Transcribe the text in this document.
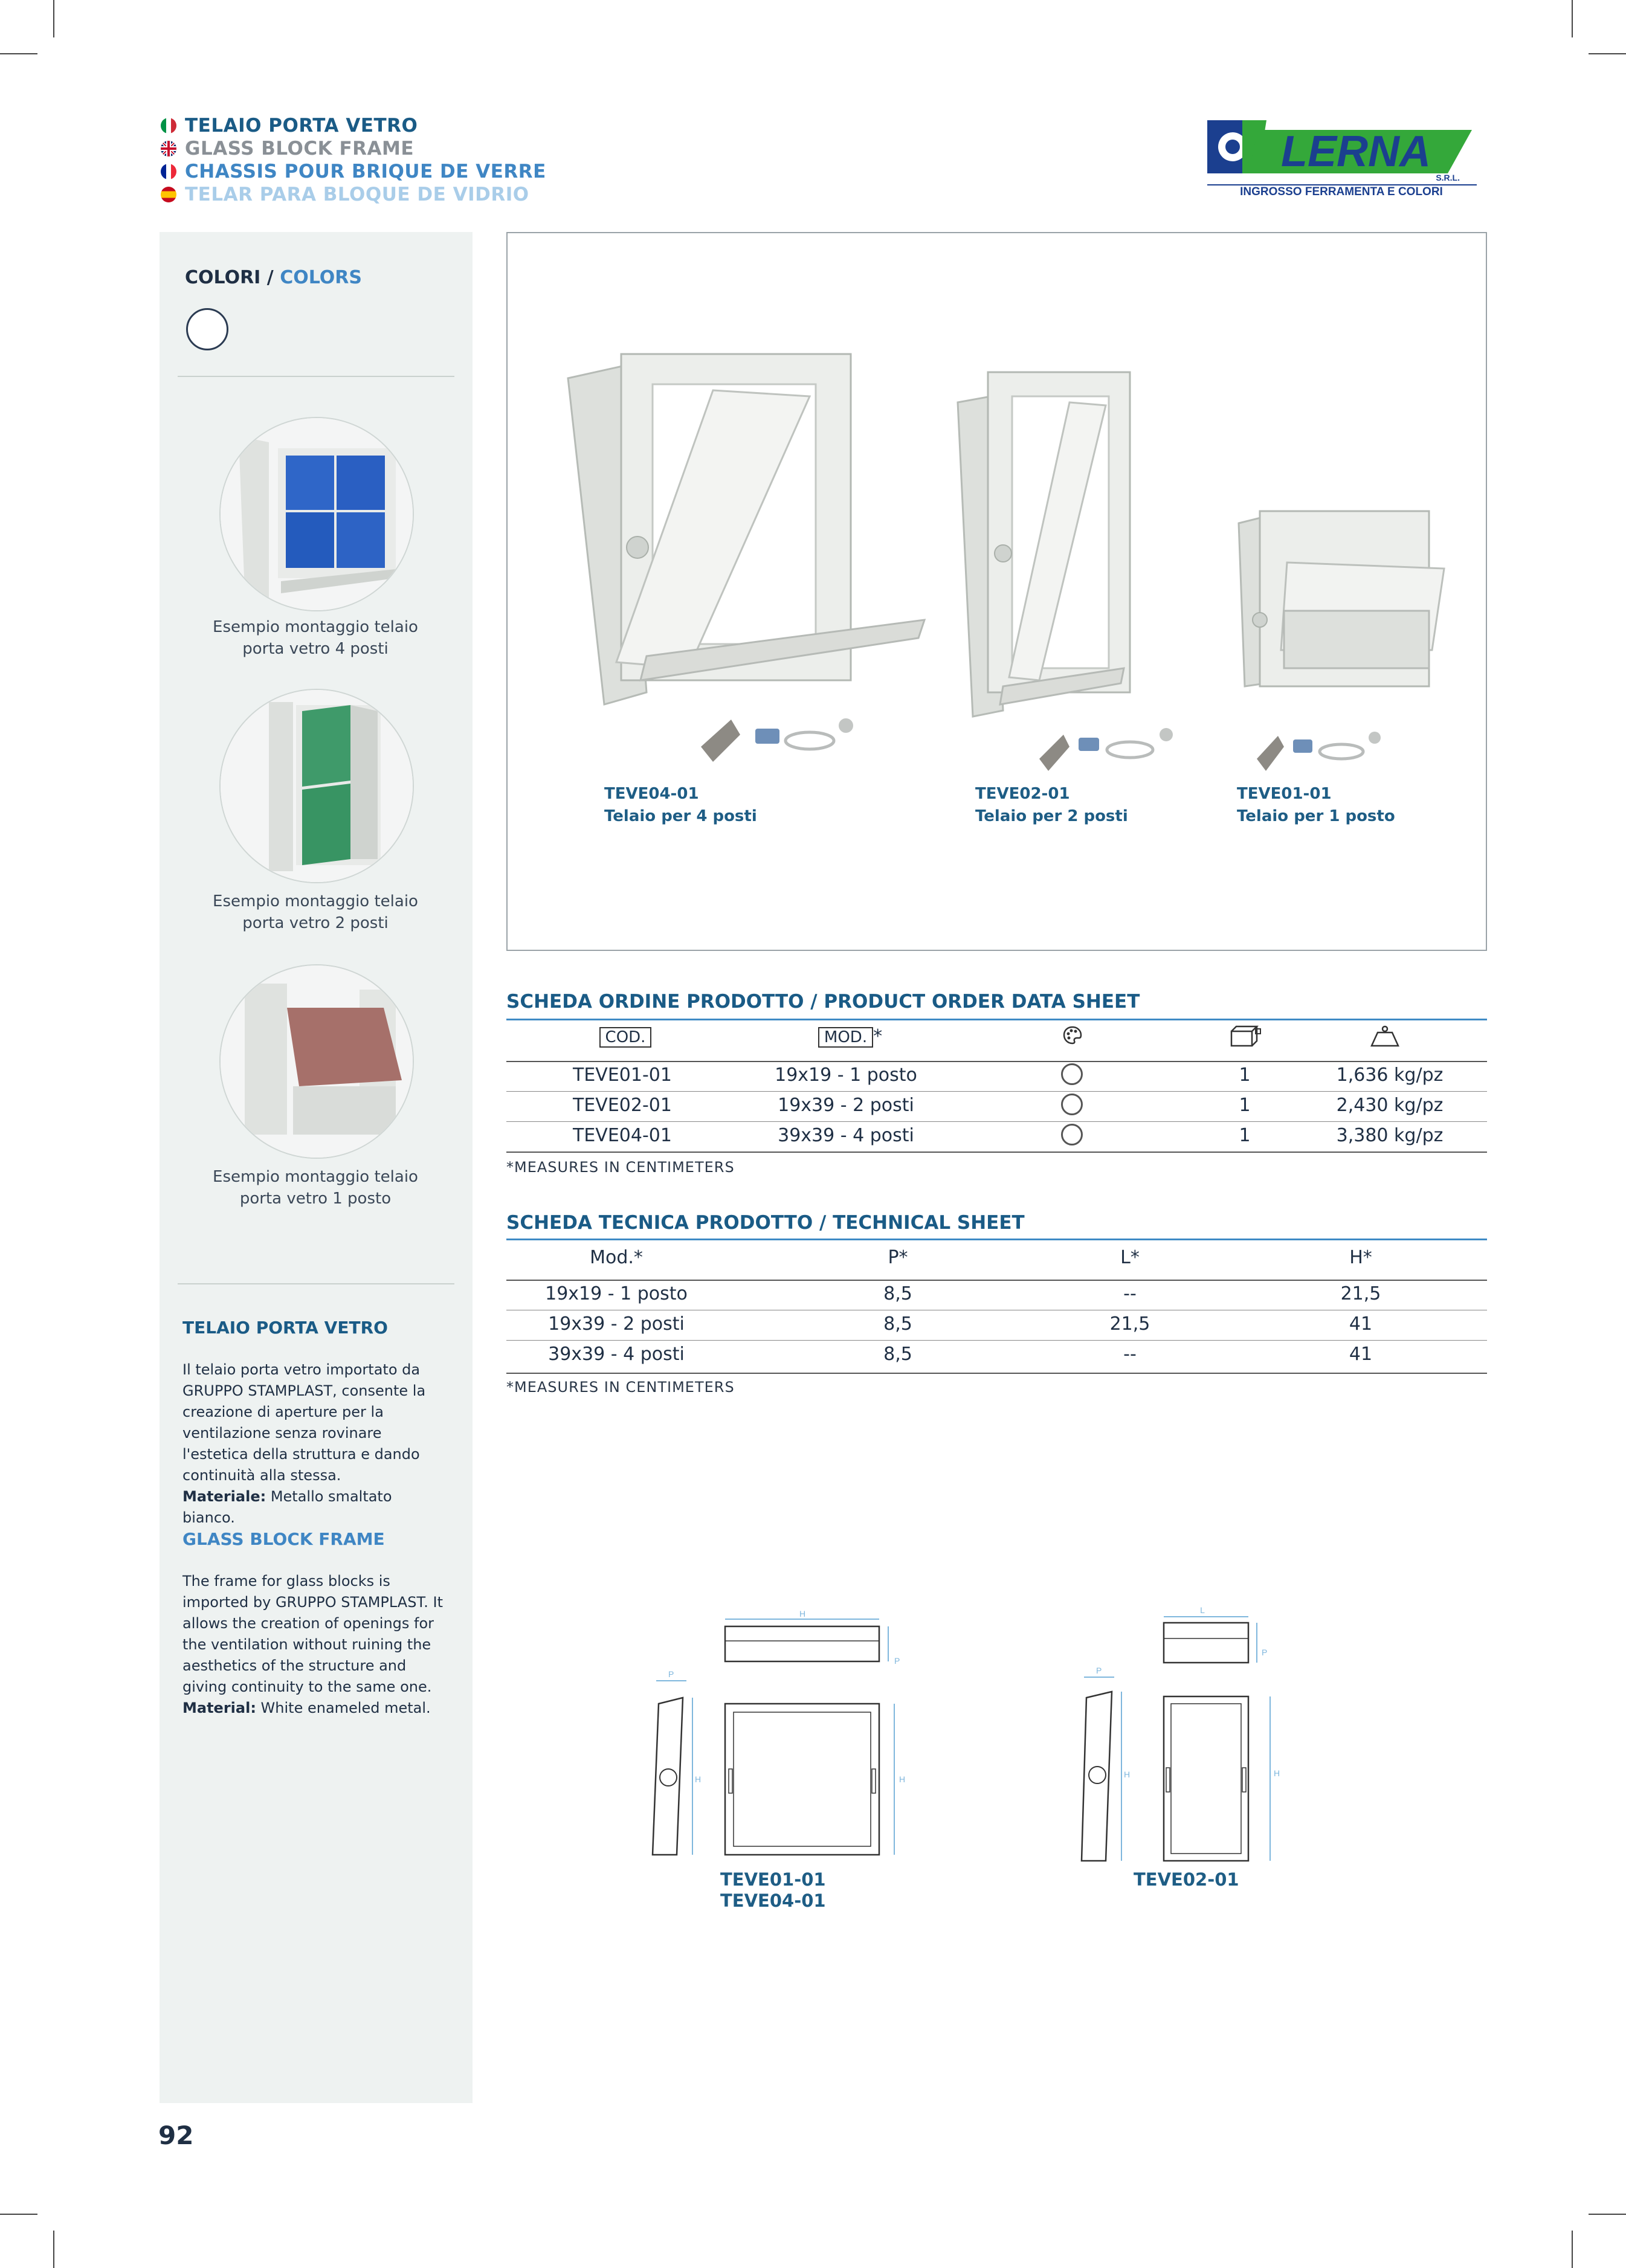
TELAIO PORTA VETRO
GLASS BLOCK FRAME
CHASSIS POUR BRIQUE DE VERRE
TELAR PARA BLOQUE DE VIDRIO
LERNA
S.R.L.
INGROSSO FERRAMENTA E COLORI
COLORI / COLORS
Esempio montaggio telaio
porta vetro 4 posti
Esempio montaggio telaio
porta vetro 2 posti
Esempio montaggio telaio
porta vetro 1 posto
TELAIO PORTA VETRO
Il telaio porta vetro importato da GRUPPO STAMPLAST, consente la creazione di aperture per la ventilazione senza rovinare l'estetica della struttura e dando continuità alla stessa.
Materiale: Metallo smaltato bianco.
GLASS BLOCK FRAME
The frame for glass blocks is imported by GRUPPO STAMPLAST. It allows the creation of openings for the ventilation without ruining the aesthetics of the structure and giving continuity to the same one.
Material: White enameled metal.
TEVE04-01
Telaio per 4 posti
TEVE02-01
Telaio per 2 posti
TEVE01-01
Telaio per 1 posto
SCHEDA ORDINE PRODOTTO / PRODUCT ORDER DATA SHEET
COD.	MOD. *
TEVE01-01	19x19 - 1 posto	1	1,636 kg/pz
TEVE02-01	19x39 - 2 posti	1	2,430 kg/pz
TEVE04-01	39x39 - 4 posti	1	3,380 kg/pz
*MEASURES IN CENTIMETERS
SCHEDA TECNICA PRODOTTO / TECHNICAL SHEET
Mod.*	P*	L*	H*
19x19 - 1 posto	8,5	--	21,5
19x39 - 2 posti	8,5	21,5	41
39x39 - 4 posti	8,5	--	41
*MEASURES IN CENTIMETERS
H
P
P
H	H
TEVE01-01
TEVE04-01
L
P
P
H	H
TEVE02-01
92
